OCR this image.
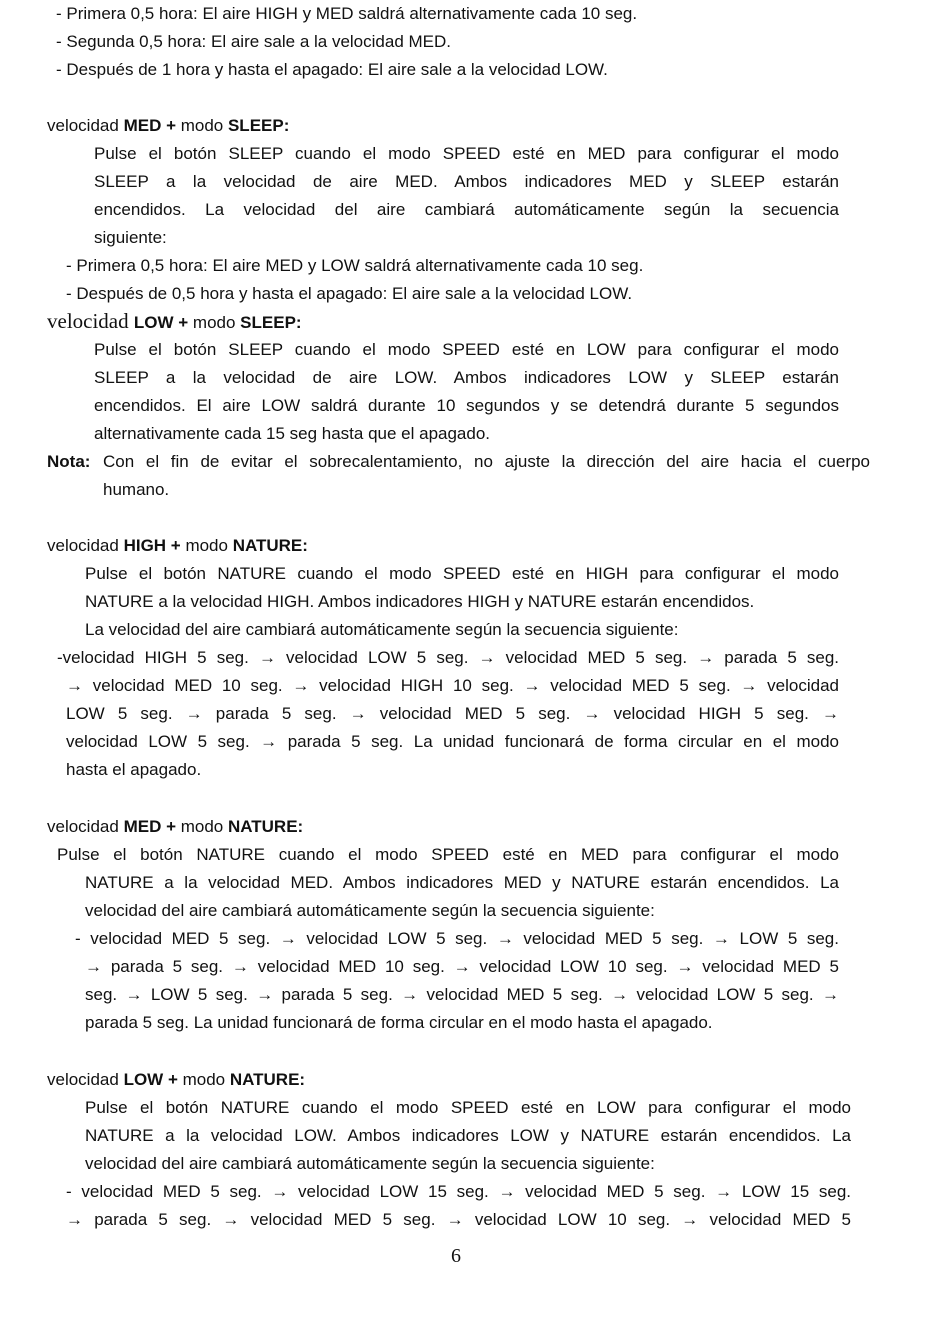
- Primera 0,5 hora: El aire HIGH y MED saldrá alternativamente cada 10 seg.
- Segunda 0,5 hora: El aire sale a la velocidad MED.
- Después de 1 hora y hasta el apagado: El aire sale a la velocidad LOW.
velocidad MED + modo SLEEP:
Pulse el botón SLEEP cuando el modo SPEED esté en MED para configurar el modo
SLEEP a la velocidad de aire MED. Ambos indicadores MED y SLEEP estarán
encendidos. La velocidad del aire cambiará automáticamente según la secuencia
siguiente:
- Primera 0,5 hora: El aire MED y LOW saldrá alternativamente cada 10 seg.
- Después de 0,5 hora y hasta el apagado: El aire sale a la velocidad LOW.
velocidad LOW + modo SLEEP:
Pulse el botón SLEEP cuando el modo SPEED esté en LOW para configurar el modo
SLEEP a la velocidad de aire LOW. Ambos indicadores LOW y SLEEP estarán
encendidos. El aire LOW saldrá durante 10 segundos y se detendrá durante 5 segundos
alternativamente cada 15 seg hasta que el apagado.
Nota: Con el fin de evitar el sobrecalentamiento, no ajuste la dirección del aire hacia el cuerpo
humano.
velocidad HIGH + modo NATURE:
Pulse el botón NATURE cuando el modo SPEED esté en HIGH para configurar el modo
NATURE a la velocidad HIGH. Ambos indicadores HIGH y NATURE estarán encendidos.
La velocidad del aire cambiará automáticamente según la secuencia siguiente:
-velocidad HIGH 5 seg. → velocidad LOW 5 seg. → velocidad MED 5 seg. → parada 5 seg.
→ velocidad MED 10 seg. → velocidad HIGH 10 seg. → velocidad MED 5 seg. → velocidad
LOW 5 seg. → parada 5 seg. → velocidad MED 5 seg. → velocidad HIGH 5 seg. →
velocidad LOW 5 seg. → parada 5 seg. La unidad funcionará de forma circular en el modo
hasta el apagado.
velocidad MED + modo NATURE:
Pulse el botón NATURE cuando el modo SPEED esté en MED para configurar el modo
NATURE a la velocidad MED. Ambos indicadores MED y NATURE estarán encendidos. La
velocidad del aire cambiará automáticamente según la secuencia siguiente:
- velocidad MED 5 seg. → velocidad LOW 5 seg. → velocidad MED 5 seg. → LOW 5 seg.
→ parada 5 seg. → velocidad MED 10 seg. → velocidad LOW 10 seg. → velocidad MED 5
seg. → LOW 5 seg. → parada 5 seg. → velocidad MED 5 seg. → velocidad LOW 5 seg. →
parada 5 seg. La unidad funcionará de forma circular en el modo hasta el apagado.
velocidad LOW + modo NATURE:
Pulse el botón NATURE cuando el modo SPEED esté en LOW para configurar el modo
NATURE a la velocidad LOW. Ambos indicadores LOW y NATURE estarán encendidos. La
velocidad del aire cambiará automáticamente según la secuencia siguiente:
- velocidad MED 5 seg. → velocidad LOW 15 seg. → velocidad MED 5 seg. → LOW 15 seg.
→ parada 5 seg. → velocidad MED 5 seg. → velocidad LOW 10 seg. → velocidad MED 5
6
